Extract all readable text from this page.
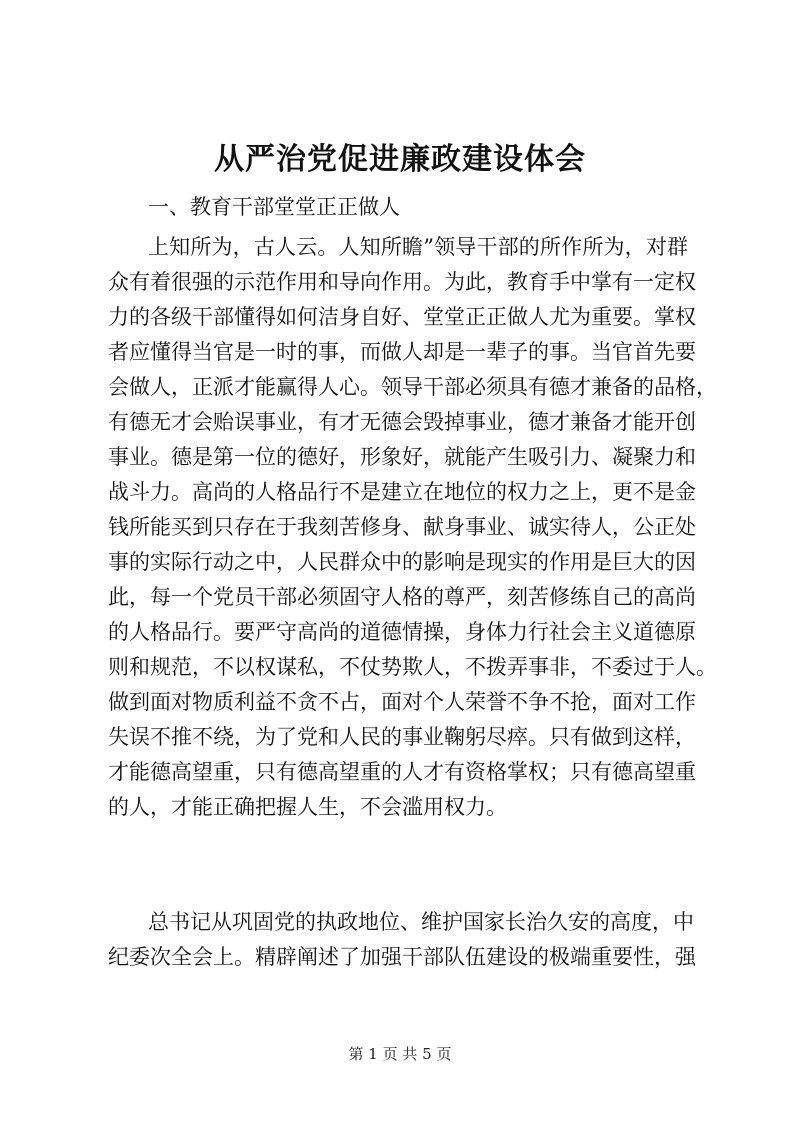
从严治党促进廉政建设体会

一、教育干部堂堂正正做人

上知所为，古人云。人知所瞻”领导干部的所作所为，对群
众有着很强的示范作用和导向作用。为此，教育手中掌有一定权
力的各级干部懂得如何洁身自好、堂堂正正做人尤为重要。掌权
者应懂得当官是一时的事，而做人却是一辈子的事。当官首先要
会做人，正派才能赢得人心。领导干部必须具有德才兼备的品格，
有德无才会贻误事业，有才无德会毁掉事业，德才兼备才能开创
事业。德是第一位的德好，形象好，就能产生吸引力、凝聚力和
战斗力。高尚的人格品行不是建立在地位的权力之上，更不是金
钱所能买到只存在于我刻苦修身、献身事业、诚实待人，公正处
事的实际行动之中，人民群众中的影响是现实的作用是巨大的因
此，每一个党员干部必须固守人格的尊严，刻苦修练自己的高尚
的人格品行。要严守高尚的道德情操，身体力行社会主义道德原
则和规范，不以权谋私，不仗势欺人，不拨弄事非，不委过于人。
做到面对物质利益不贪不占，面对个人荣誉不争不抢，面对工作
失误不推不绕，为了党和人民的事业鞠躬尽瘁。只有做到这样，
才能德高望重，只有德高望重的人才有资格掌权；只有德高望重
的人，才能正确把握人生，不会滥用权力。
总书记从巩固党的执政地位、维护国家长治久安的高度，中
纪委次全会上。精辟阐述了加强干部队伍建设的极端重要性，强

第 1 页 共 5 页
